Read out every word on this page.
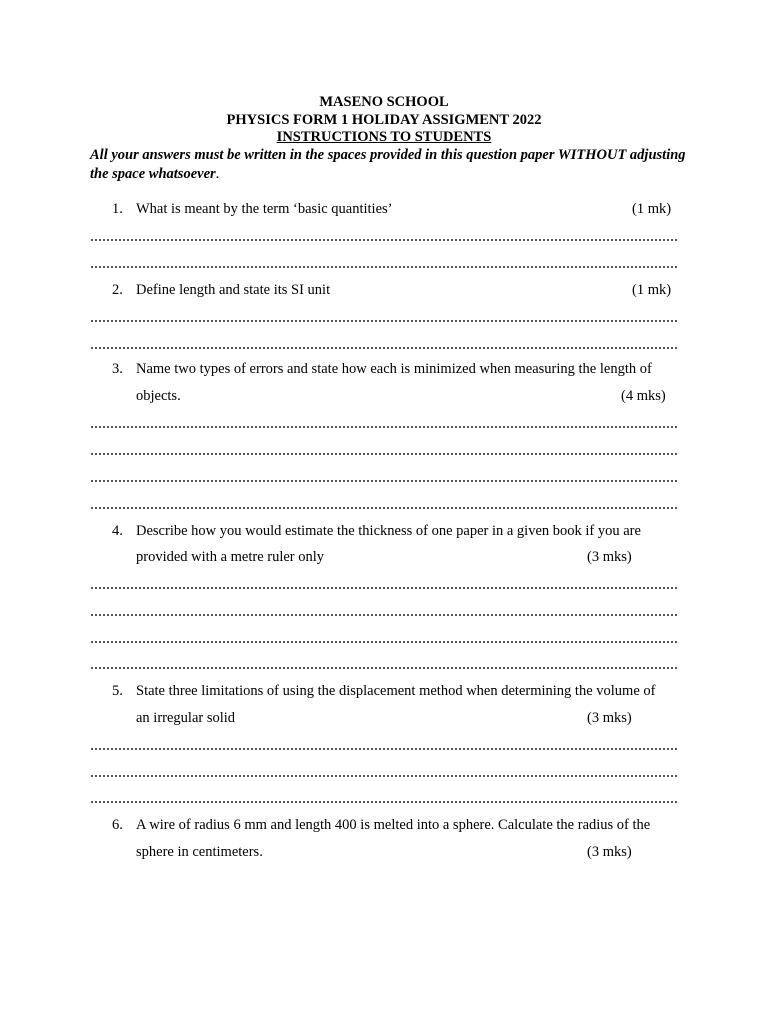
MASENO SCHOOL
PHYSICS FORM 1 HOLIDAY ASSIGMENT 2022
INSTRUCTIONS TO STUDENTS
All your answers must be written in the spaces provided in this question paper WITHOUT adjusting the space whatsoever.
1. What is meant by the term ‘basic quantities’	(1 mk)
2. Define length and state its SI unit	(1 mk)
3. Name two types of errors and state how each is minimized when measuring the length of
objects.	(4 mks)
4. Describe how you would estimate the thickness of one paper in a given book if you are
provided with a metre ruler only	(3 mks)
5. State three limitations of using the displacement method when determining the volume of
an irregular solid	(3 mks)
6. A wire of radius 6 mm and length 400 is melted into a sphere. Calculate the radius of the
sphere in centimeters.	(3 mks)
